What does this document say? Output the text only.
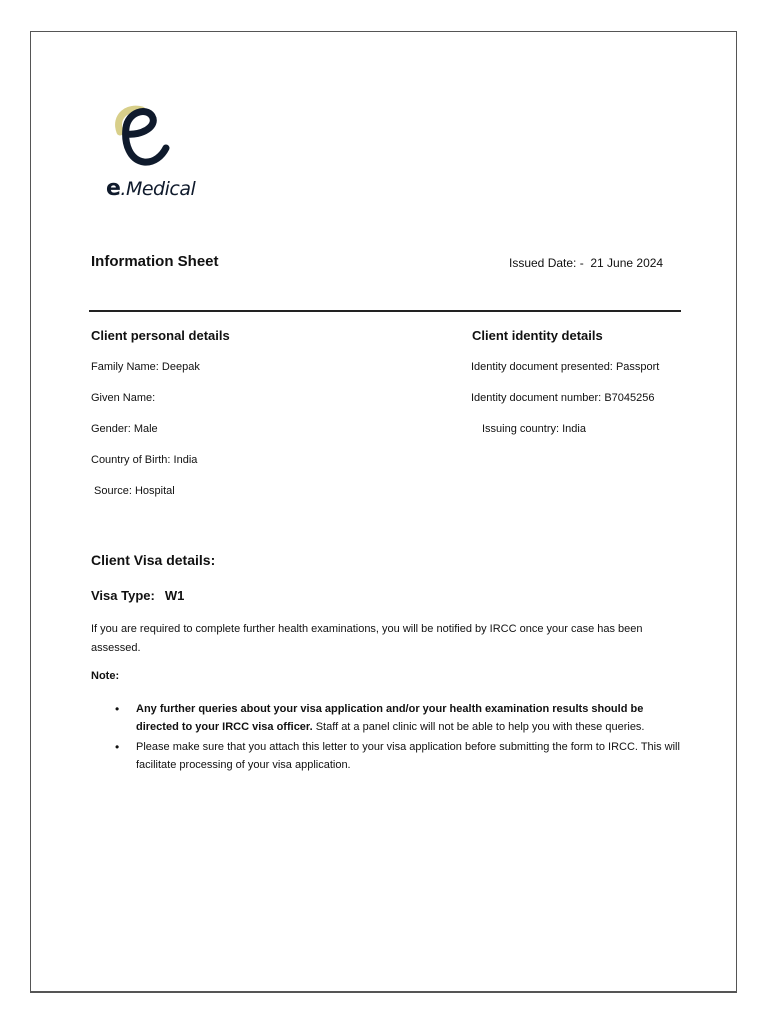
e.Medical
Information Sheet	Issued Date: - 21 June 2024
Client personal details
Family Name: Deepak
Given Name:
Gender: Male
Country of Birth: India
Source: Hospital
Client identity details
Identity document presented: Passport
Identity document number: B7045256
Issuing country: India
Client Visa details:
Visa Type: W1
If you are required to complete further health examinations, you will be notified by IRCC once your case has been assessed.
Note:
• Any further queries about your visa application and/or your health examination results should be directed to your IRCC visa officer. Staff at a panel clinic will not be able to help you with these queries.
• Please make sure that you attach this letter to your visa application before submitting the form to IRCC. This will facilitate processing of your visa application.
